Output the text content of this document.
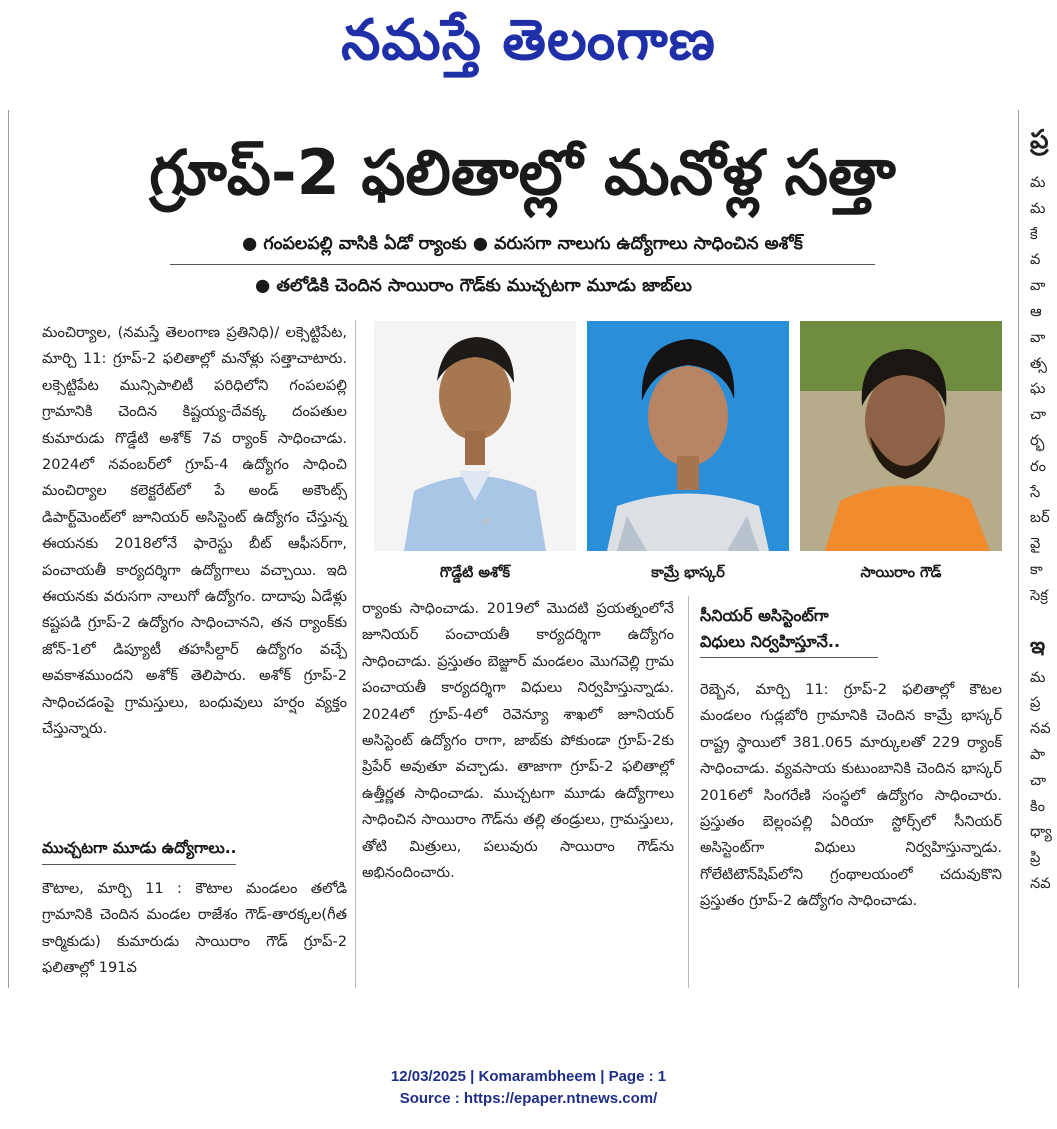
నమస్తే తెలంగాణ
గ్రూప్-2 ఫలితాల్లో మనోళ్ల సత్తా
● గంపలపల్లి వాసికి ఏడో ర్యాంకు ● వరుసగా నాలుగు ఉద్యోగాలు సాధించిన అశోక్
● తలోడికి చెందిన సాయిరాం గౌడ్‌కు ముచ్చటగా మూడు జాబ్‌లు
గొడ్డేటి అశోక్	కామ్రే భాస్కర్	సాయిరాం గౌడ్

మంచిర్యాల, (నమస్తే తెలంగాణ ప్రతినిధి)/ లక్సెట్టిపేట, మార్చి 11: గ్రూప్-2 ఫలితాల్లో మనోళ్లు సత్తాచాటారు. లక్సెట్టిపేట మున్సిపాలిటీ పరిధిలోని గంపలపల్లి గ్రామానికి చెందిన కిష్టయ్య-దేవక్క దంపతుల కుమారుడు గొడ్డేటి అశోక్ 7వ ర్యాంక్ సాధించాడు. 2024లో నవంబర్‌లో గ్రూప్-4 ఉద్యోగం సాధించి మంచిర్యాల కలెక్టరేట్‌లో పే అండ్ అకౌంట్స్ డిపార్ట్‌మెంట్‌లో జూనియర్ అసిస్టెంట్ ఉద్యోగం చేస్తున్న ఈయనకు 2018లోనే ఫారెస్టు బీట్ ఆఫీసర్‌గా, పంచాయతీ కార్యదర్శిగా ఉద్యోగాలు వచ్చాయి. ఇది ఈయనకు వరుసగా నాలుగో ఉద్యోగం. దాదాపు ఏడేళ్లు కష్టపడి గ్రూప్-2 ఉద్యోగం సాధించానని, తన ర్యాంక్‌కు జోన్-1లో డిప్యూటీ తహసీల్దార్ ఉద్యోగం వచ్చే అవకాశముందని అశోక్ తెలిపారు. అశోక్ గ్రూప్-2 సాధించడంపై గ్రామస్తులు, బంధువులు హర్షం వ్యక్తం చేస్తున్నారు.

ముచ్చటగా మూడు ఉద్యోగాలు..

కౌటాల, మార్చి 11 : కౌటాల మండలం తలోడి గ్రామానికి చెందిన మండల రాజేశం గౌడ్-తారక్కల(గీత కార్మికుడు) కుమారుడు సాయిరాం గౌడ్ గ్రూప్-2 ఫలితాల్లో 191వ

ర్యాంకు సాధించాడు. 2019లో మొదటి ప్రయత్నంలోనే జూనియర్ పంచాయతీ కార్యదర్శిగా ఉద్యోగం సాధించాడు. ప్రస్తుతం బెజ్జూర్ మండలం మొగవెల్లి గ్రామ పంచాయతీ కార్యదర్శిగా విధులు నిర్వహిస్తున్నాడు. 2024లో గ్రూప్-4లో రెవెన్యూ శాఖలో జూనియర్ అసిస్టెంట్ ఉద్యోగం రాగా, జాబ్‌కు పోకుండా గ్రూప్-2కు ప్రిపేర్ అవుతూ వచ్చాడు. తాజాగా గ్రూప్-2 ఫలితాల్లో ఉత్తీర్ణత సాధించాడు. ముచ్చటగా మూడు ఉద్యోగాలు సాధించిన సాయిరాం గౌడ్‌ను తల్లి తండ్రులు, గ్రామస్తులు, తోటి మిత్రులు, పలువురు సాయిరాం గౌడ్‌ను అభినందించారు.

సీనియర్ అసిస్టెంట్‌గా విధులు నిర్వహిస్తూనే..

రెబ్బెన, మార్చి 11: గ్రూప్-2 ఫలితాల్లో కౌటల మండలం గుడ్లబోరి గ్రామానికి చెందిన కామ్రే భాస్కర్ రాష్ట్ర స్థాయిలో 381.065 మార్కులతో 229 ర్యాంక్ సాధించాడు. వ్యవసాయ కుటుంబానికి చెందిన భాస్కర్ 2016లో సింగరేణి సంస్థలో ఉద్యోగం సాధించారు. ప్రస్తుతం బెల్లంపల్లి ఏరియా స్టోర్స్‌లో సీనియర్ అసిస్టెంట్‌గా విధులు నిర్వహిస్తున్నాడు. గోలేటిటౌన్‌షిప్‌లోని గ్రంథాలయంలో చదువుకొని ప్రస్తుతం గ్రూప్-2 ఉద్యోగం సాధించాడు.

ప్ర
మ
మ
కే
వ
వా
ఆ
వా
త్స
ఘ
చా
ర్భ
రం
సే
బర్
వై
కా
సెక్ర
ఇ
మ
ప్ర
నవ
పా
చా
కిం
ధ్యా
ప్రి
నవ
12/03/2025 | Komarambheem | Page : 1
Source : https://epaper.ntnews.com/
